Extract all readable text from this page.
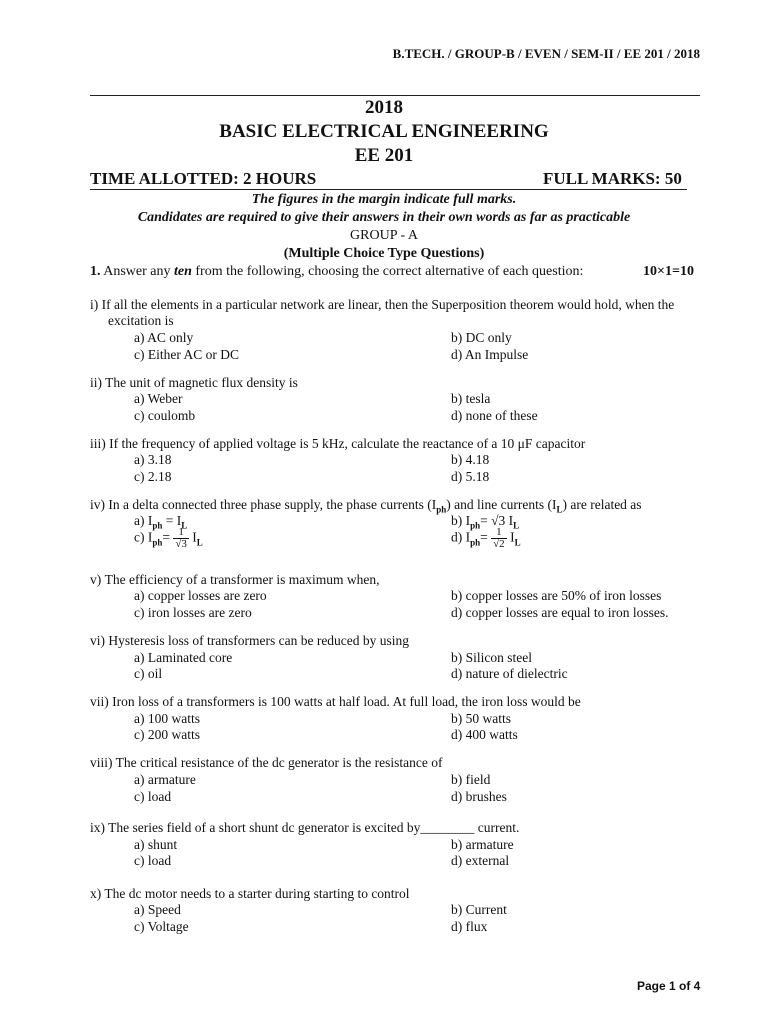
B.TECH. / GROUP-B / EVEN / SEM-II / EE 201 / 2018
2018
BASIC ELECTRICAL ENGINEERING
EE 201
TIME ALLOTTED: 2 HOURS	FULL MARKS: 50
The figures in the margin indicate full marks.
Candidates are required to give their answers in their own words as far as practicable
GROUP - A
(Multiple Choice Type Questions)
1. Answer any ten from the following, choosing the correct alternative of each question:	10×1=10
i) If all the elements in a particular network are linear, then the Superposition theorem would hold, when the
excitation is
a) AC only	b) DC only
c) Either AC or DC	d) An Impulse
ii) The unit of magnetic flux density is
a) Weber	b) tesla
c) coulomb	d) none of these
iii) If the frequency of applied voltage is 5 kHz, calculate the reactance of a 10 μF capacitor
a) 3.18	b) 4.18
c) 2.18	d) 5.18
iv) In a delta connected three phase supply, the phase currents $(I_{ph})$ and line currents $(I_L)$ are related as
a) $I_{ph} = I_L$	b) $I_{ph}= √3$ $I_L$
c) $I_{ph}= \frac{1}{√3} I_L$	d) $I_{ph}= \frac{1}{√2} I_L$
v) The efficiency of a transformer is maximum when,
a) copper losses are zero	b) copper losses are 50% of iron losses
c) iron losses are zero	d) copper losses are equal to iron losses.
vi) Hysteresis loss of transformers can be reduced by using
a) Laminated core	b) Silicon steel
c) oil	d) nature of dielectric
vii) Iron loss of a transformers is 100 watts at half load. At full load, the iron loss would be
a) 100 watts	b) 50 watts
c) 200 watts	d) 400 watts
viii) The critical resistance of the dc generator is the resistance of
a) armature	b) field
c) load	d) brushes
ix) The series field of a short shunt dc generator is excited by________ current.
a) shunt	b) armature
c) load	d) external
x) The dc motor needs to a starter during starting to control
a) Speed	b) Current
c) Voltage	d) flux
Page 1 of 4
